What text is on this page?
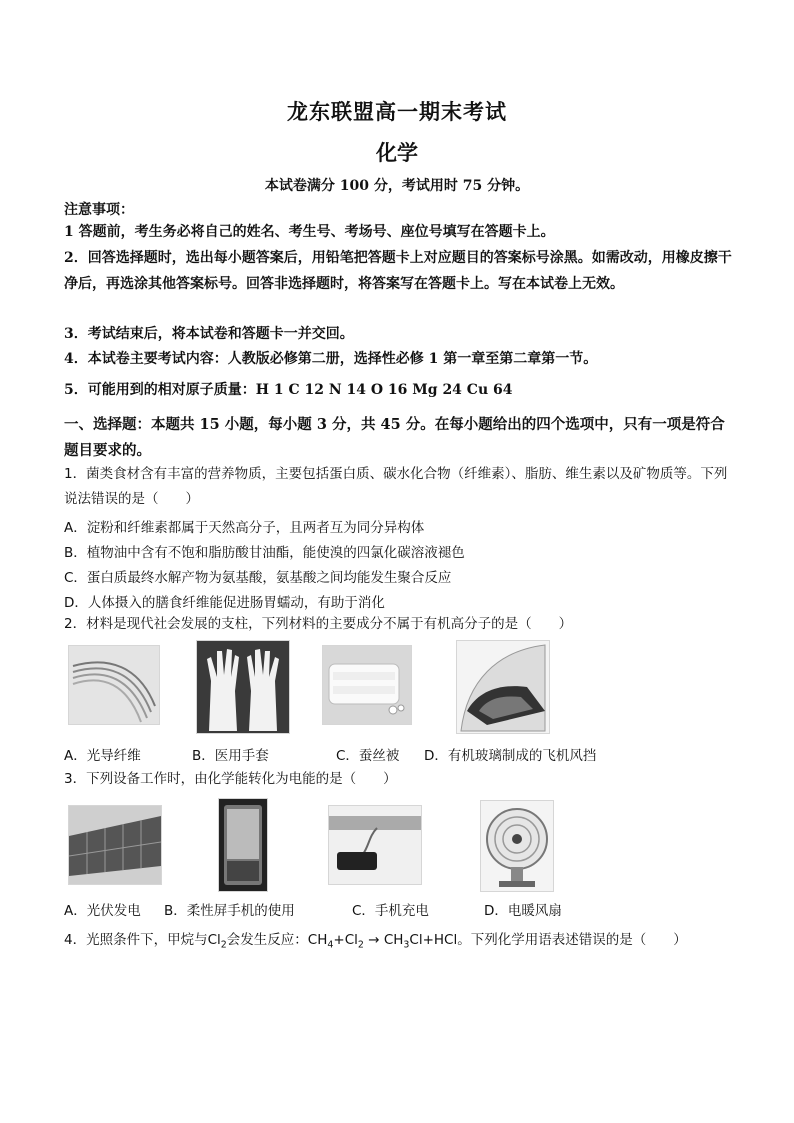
龙东联盟高一期末考试
化学
本试卷满分 100 分，考试用时 75 分钟。
注意事项：
1 答题前，考生务必将自己的姓名、考生号、考场号、座位号填写在答题卡上。
2．回答选择题时，选出每小题答案后，用铅笔把答题卡上对应题目的答案标号涂黑。如需改动，用橡皮擦干净后，再选涂其他答案标号。回答非选择题时，将答案写在答题卡上。写在本试卷上无效。
3．考试结束后，将本试卷和答题卡一并交回。
4．本试卷主要考试内容：人教版必修第二册，选择性必修 1 第一章至第二章第一节。
5．可能用到的相对原子质量：H 1 C 12 N 14 O 16 Mg 24 Cu 64
一、选择题：本题共 15 小题，每小题 3 分，共 45 分。在每小题给出的四个选项中，只有一项是符合题目要求的。
1．菌类食材含有丰富的营养物质，主要包括蛋白质、碳水化合物（纤维素）、脂肪、维生素以及矿物质等。下列说法错误的是（　　）
A．淀粉和纤维素都属于天然高分子，且两者互为同分异构体
B．植物油中含有不饱和脂肪酸甘油酯，能使溴的四氯化碳溶液褪色
C．蛋白质最终水解产物为氨基酸，氨基酸之间均能发生聚合反应
D．人体摄入的膳食纤维能促进肠胃蠕动，有助于消化
2．材料是现代社会发展的支柱，下列材料的主要成分不属于有机高分子的是（　　）
A．光导纤维	B．医用手套	C．蚕丝被 D．有机玻璃制成的飞机风挡
3．下列设备工作时，由化学能转化为电能的是（　　）
A．光伏发电 B．柔性屏手机的使用	C．手机充电	D．电暖风扇
4．光照条件下，甲烷与$Cl_2$会发生反应：$CH_4+Cl_2 \to CH_3Cl+HCl$。下列化学用语表述错误的是（　　）
